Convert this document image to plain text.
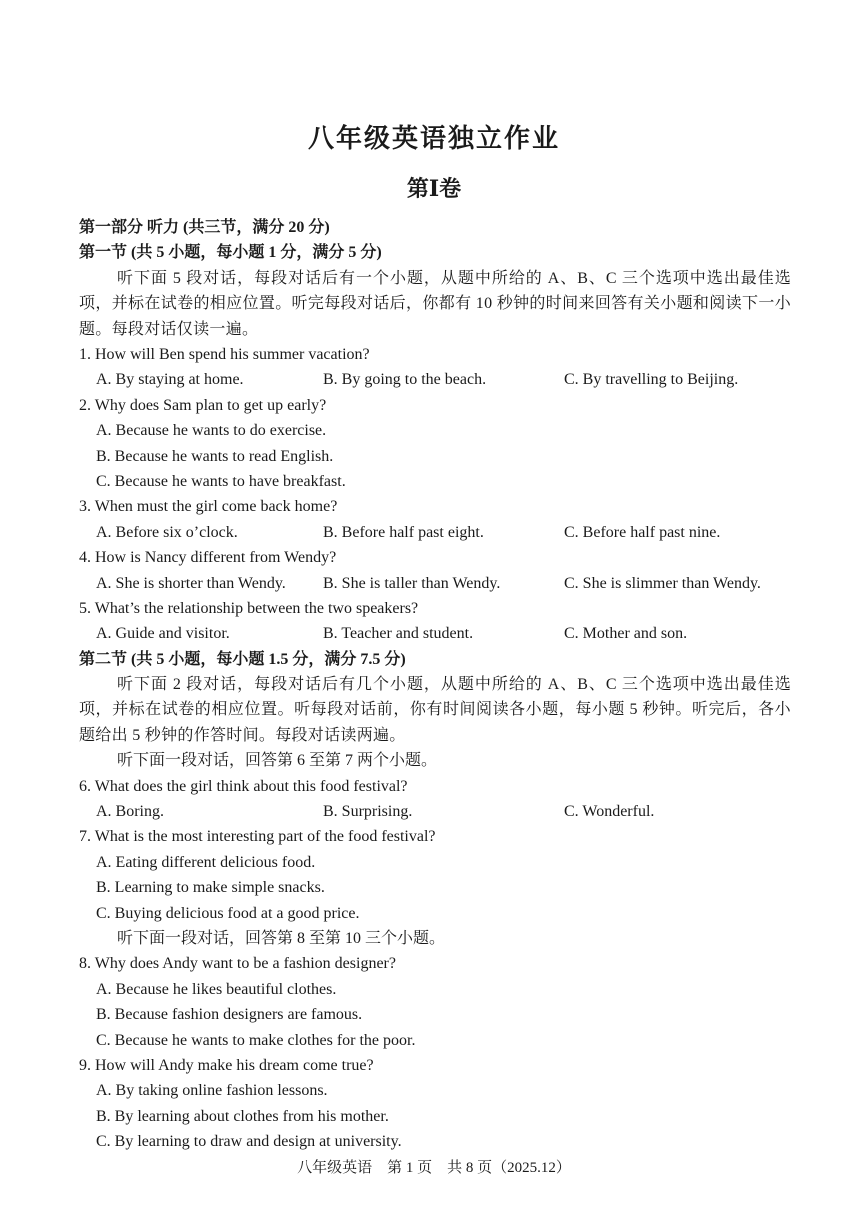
八年级英语独立作业
第Ⅰ卷
第一部分 听力 (共三节，满分 20 分)
第一节 (共 5 小题，每小题 1 分，满分 5 分)
听下面 5 段对话，每段对话后有一个小题，从题中所给的 A、B、C 三个选项中选出最佳选项，并标在试卷的相应位置。听完每段对话后，你都有 10 秒钟的时间来回答有关小题和阅读下一小题。每段对话仅读一遍。
1. How will Ben spend his summer vacation?
A. By staying at home.	B. By going to the beach.	C. By travelling to Beijing.
2. Why does Sam plan to get up early?
A. Because he wants to do exercise.
B. Because he wants to read English.
C. Because he wants to have breakfast.
3. When must the girl come back home?
A. Before six o’clock.	B. Before half past eight.	C. Before half past nine.
4. How is Nancy different from Wendy?
A. She is shorter than Wendy. B. She is taller than Wendy.	C. She is slimmer than Wendy.
5. What’s the relationship between the two speakers?
A. Guide and visitor.	B. Teacher and student.	C. Mother and son.
第二节 (共 5 小题，每小题 1.5 分，满分 7.5 分)
听下面 2 段对话，每段对话后有几个小题，从题中所给的 A、B、C 三个选项中选出最佳选项，并标在试卷的相应位置。听每段对话前，你有时间阅读各小题，每小题 5 秒钟。听完后，各小题给出 5 秒钟的作答时间。每段对话读两遍。
听下面一段对话，回答第 6 至第 7 两个小题。
6. What does the girl think about this food festival?
A. Boring.	B. Surprising.	C. Wonderful.
7. What is the most interesting part of the food festival?
A. Eating different delicious food.
B. Learning to make simple snacks.
C. Buying delicious food at a good price.
听下面一段对话，回答第 8 至第 10 三个小题。
8. Why does Andy want to be a fashion designer?
A. Because he likes beautiful clothes.
B. Because fashion designers are famous.
C. Because he wants to make clothes for the poor.
9. How will Andy make his dream come true?
A. By taking online fashion lessons.
B. By learning about clothes from his mother.
C. By learning to draw and design at university.
八年级英语　第 1 页　共 8 页（2025.12）
